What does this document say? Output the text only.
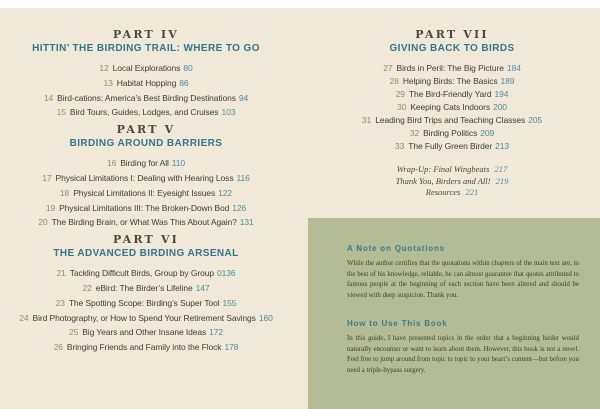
PART IV
HITTIN’ THE BIRDING TRAIL: WHERE TO GO
12 Local Explorations 80
13 Habitat Hopping 86
14 Bird-cations: America’s Best Birding Destinations 94
15 Bird Tours, Guides, Lodges, and Cruises 103
PART V
BIRDING AROUND BARRIERS
16 Birding for All 110
17 Physical Limitations I: Dealing with Hearing Loss 116
18 Physical Limitations II: Eyesight Issues 122
19 Physical Limitations III: The Broken-Down Bod 126
20 The Birding Brain, or What Was This About Again? 131
PART VI
THE ADVANCED BIRDING ARSENAL
21 Tackling Difficult Birds, Group by Group 0136
22 eBird: The Birder’s Lifeline 147
23 The Spotting Scope: Birding’s Super Tool 155
24 Bird Photography, or How to Spend Your Retirement Savings 160
25 Big Years and Other Insane Ideas 172
26 Bringing Friends and Family into the Flock 178
PART VII
GIVING BACK TO BIRDS
27 Birds in Peril: The Big Picture 184
28 Helping Birds: The Basics 189
29 The Bird-Friendly Yard 194
30 Keeping Cats Indoors 200
31 Leading Bird Trips and Teaching Classes 205
32 Birding Politics 209
33 The Fully Green Birder 213
Wrap-Up: Final Wingbeats 217
Thank You, Birders and All! 219
Resources 221
A Note on Quotations
While the author certifies that the quotations within chapters of the main text are, to the best of his knowledge, reliable, he can almost guarantee that quotes attributed to famous people at the beginning of each section have been altered and should be viewed with deep suspicion. Thank you.
How to Use This Book
In this guide, I have presented topics in the order that a beginning birder would naturally encounter or want to learn about them. However, this book is not a novel. Feel free to jump around from topic to topic to your heart’s content—but before you need a triple-bypass surgery.
